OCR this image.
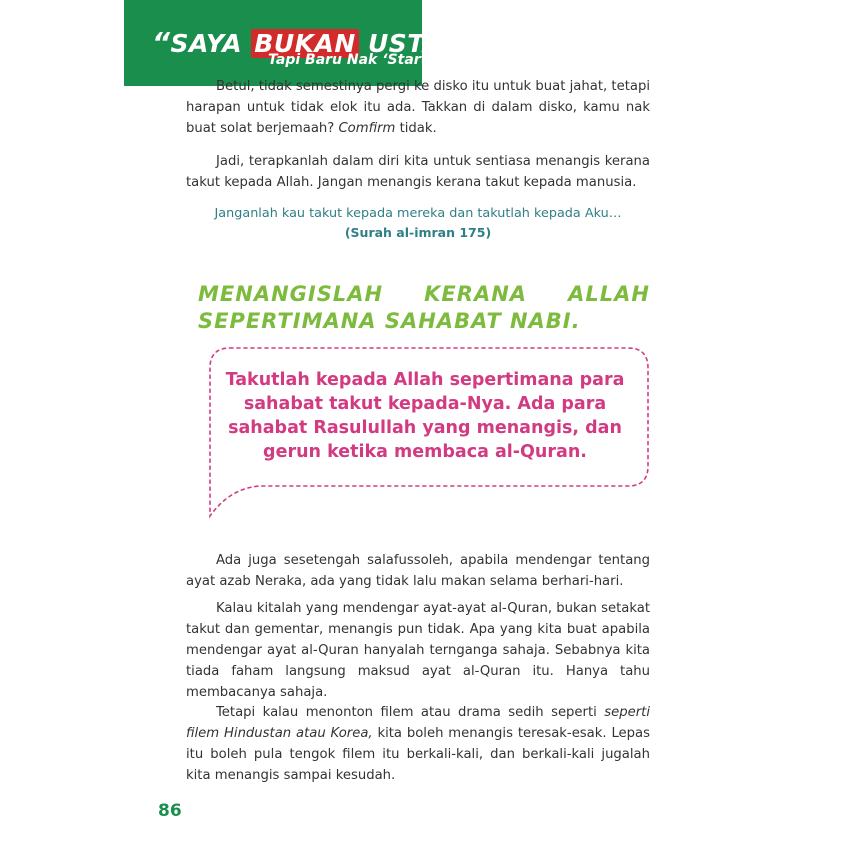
“SAYA BUKAN USTAZ”
Tapi Baru Nak ‘Start’

Betul, tidak semestinya pergi ke disko itu untuk buat jahat, tetapi harapan untuk tidak elok itu ada. Takkan di dalam disko, kamu nak buat solat berjemaah? Comfirm tidak.

Jadi, terapkanlah dalam diri kita untuk sentiasa menangis kerana takut kepada Allah. Jangan menangis kerana takut kepada manusia.

Janganlah kau takut kepada mereka dan takutlah kepada Aku…
(Surah al-imran 175)
MENANGISLAH KERANA ALLAH SEPERTIMANA SAHABAT NABI.
Takutlah kepada Allah sepertimana para sahabat takut kepada-Nya. Ada para sahabat Rasulullah yang menangis, dan gerun ketika membaca al-Quran.

Ada juga sesetengah salafussoleh, apabila mendengar tentang ayat azab Neraka, ada yang tidak lalu makan selama berhari-hari.

Kalau kitalah yang mendengar ayat-ayat al-Quran, bukan setakat takut dan gementar, menangis pun tidak. Apa yang kita buat apabila mendengar ayat al-Quran hanyalah ternganga sahaja. Sebabnya kita tiada faham langsung maksud ayat al-Quran itu. Hanya tahu membacanya sahaja.

Tetapi kalau menonton filem atau drama sedih seperti seperti filem Hindustan atau Korea, kita boleh menangis teresak-esak. Lepas itu boleh pula tengok filem itu berkali-kali, dan berkali-kali jugalah kita menangis sampai kesudah.

86
